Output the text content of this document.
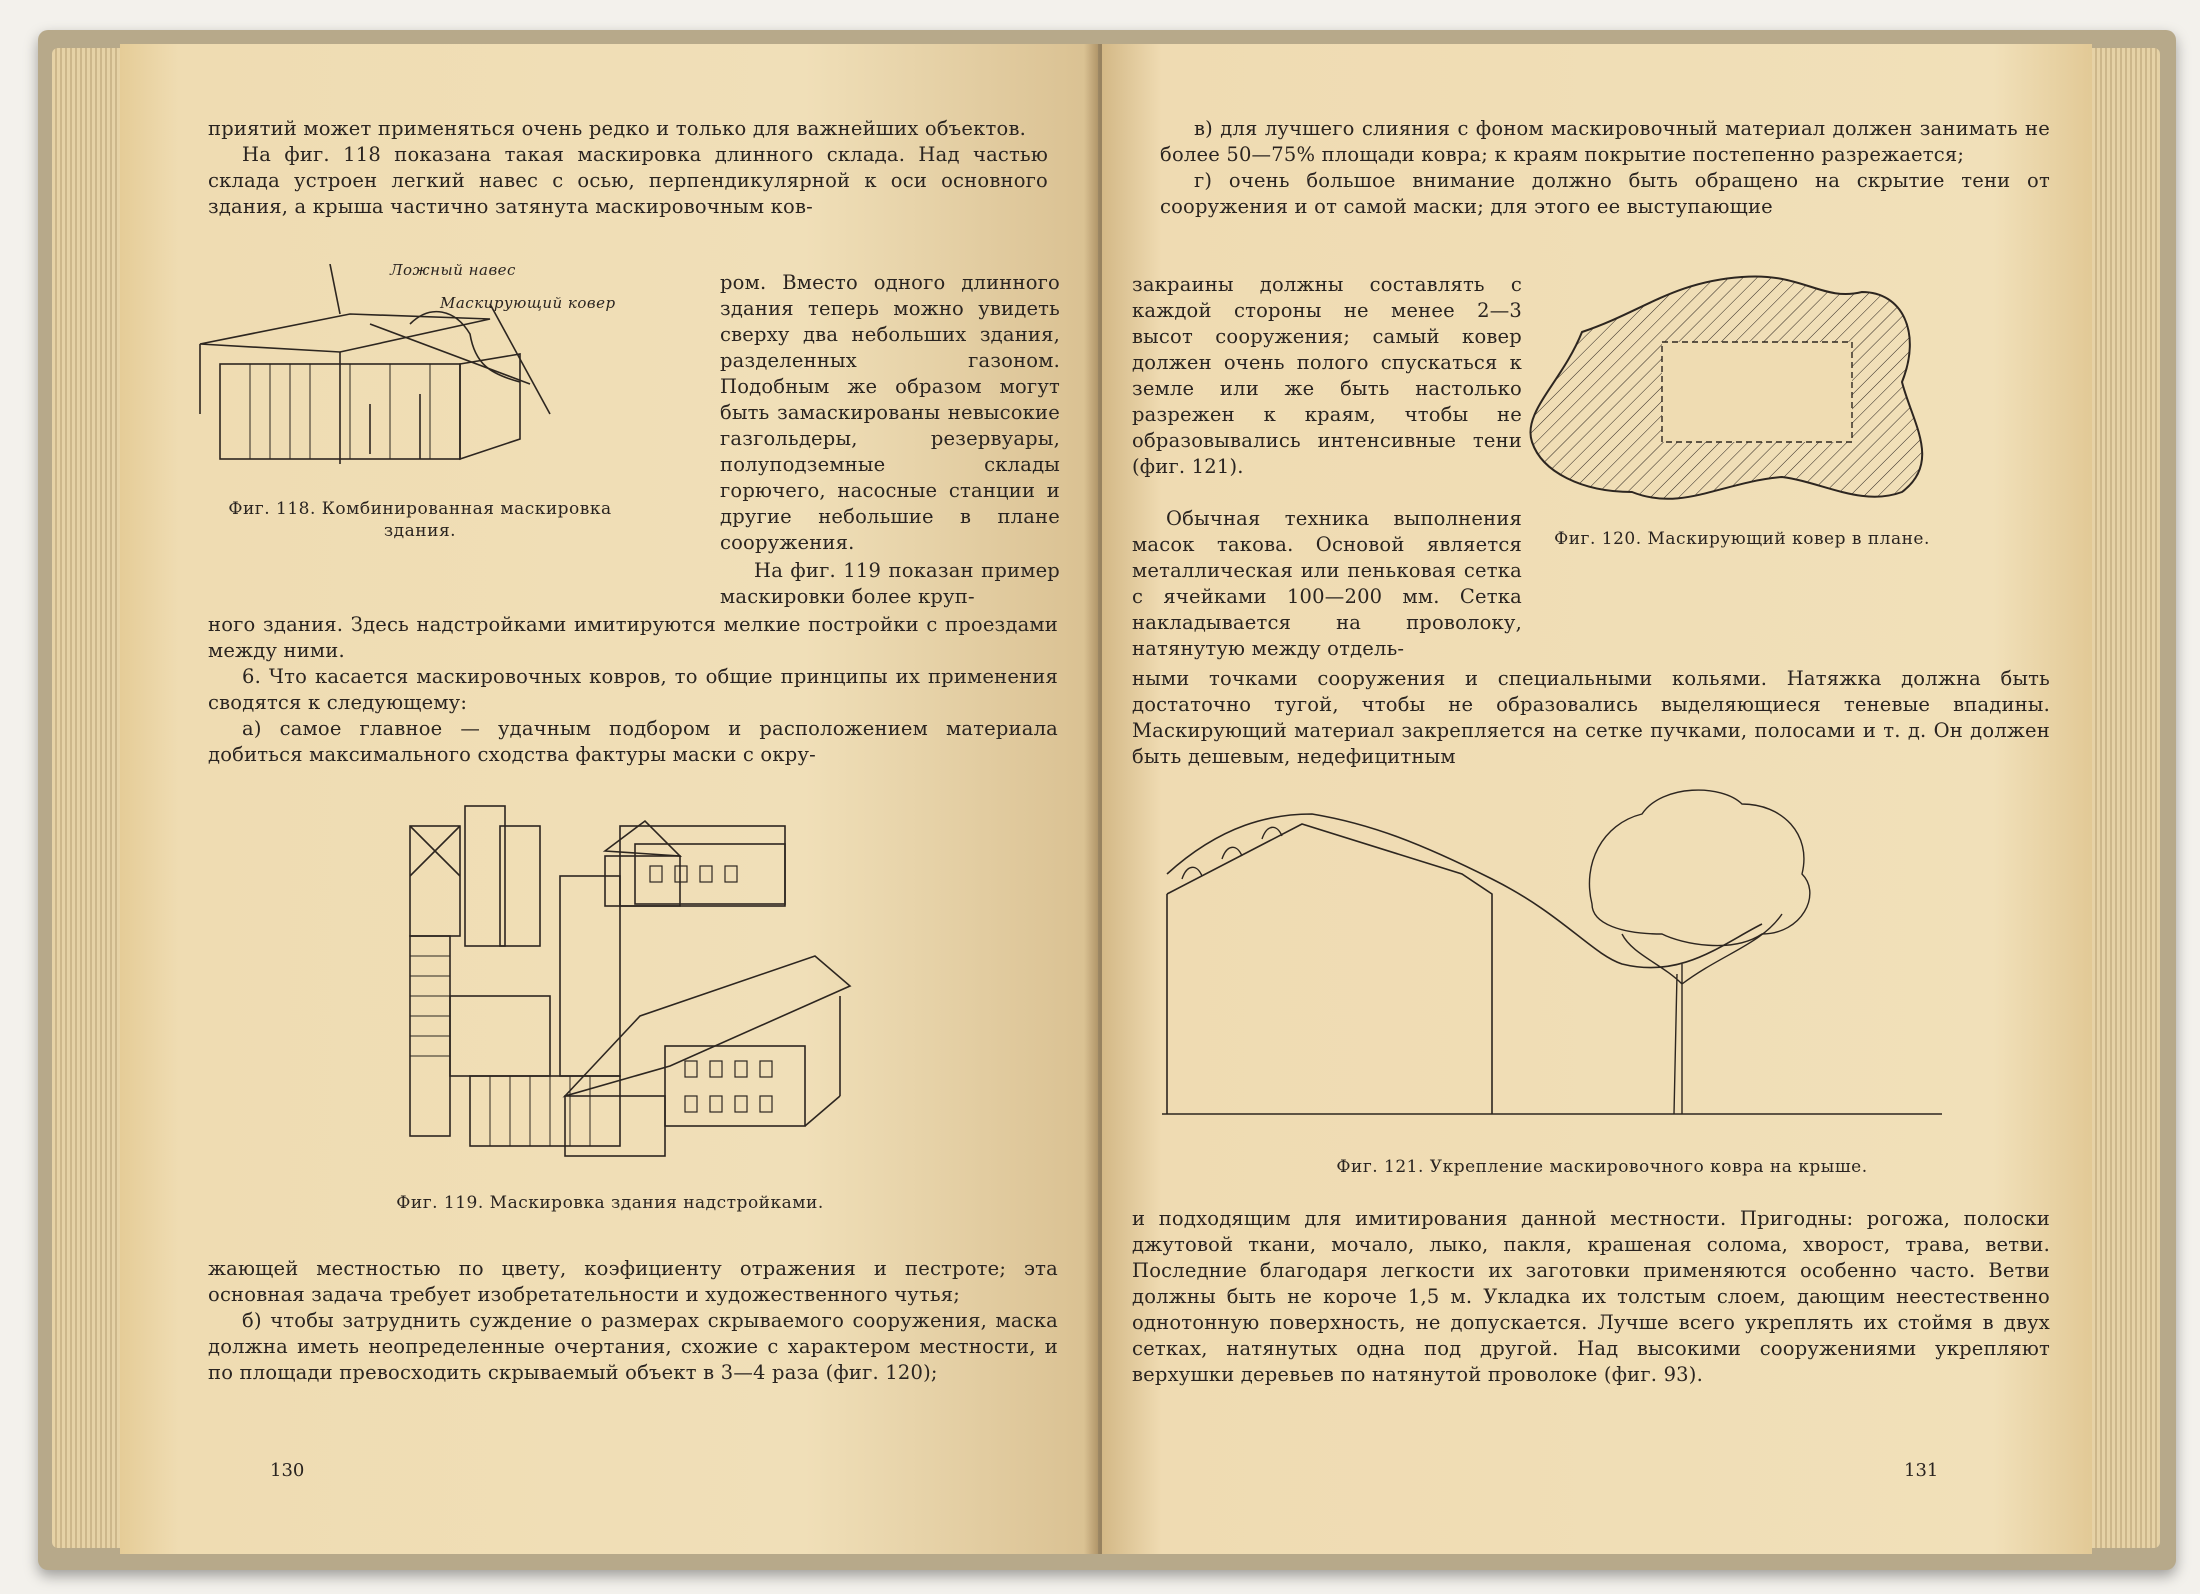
приятий может применяться очень редко и только для важнейших объектов.

На фиг. 118 показана такая маскировка длинного склада. Над частью склада устроен легкий навес с осью, перпендикулярной к оси основного здания, а крыша частично затянута маскировочным ков-

Ложный навес
Маскирующий ковер
ром. Вместо одного длинного здания теперь можно увидеть сверху два небольших здания, разделенных газоном. Подобным же образом могут быть замаскированы невысокие газгольдеры, резервуары, полуподземные склады горючего, насосные станции и другие небольшие в плане сооружения.
Фиг. 118. Комбинированная маскировка здания.
На фиг. 119 показан пример маскировки более круп-

ного здания. Здесь надстройками имитируются мелкие постройки с проездами между ними.

6. Что касается маскировочных ковров, то общие принципы их применения сводятся к следующему:

а) самое главное — удачным подбором и расположением материала добиться максимального сходства фактуры маски с окру-

Фиг. 119. Маскировка здания надстройками.

жающей местностью по цвету, коэфициенту отражения и пестроте; эта основная задача требует изобретательности и художественного чутья;

б) чтобы затруднить суждение о размерах скрываемого сооружения, маска должна иметь неопределенные очертания, схожие с характером местности, и по площади превосходить скрываемый объект в 3—4 раза (фиг. 120);

130

в) для лучшего слияния с фоном маскировочный материал должен занимать не более 50—75% площади ковра; к краям покрытие постепенно разрежается;

г) очень большое внимание должно быть обращено на скрытие тени от сооружения и от самой маски; для этого ее выступающие

закраины должны составлять с каждой стороны не менее 2—3 высот сооружения; самый ковер должен очень полого спускаться к земле или же быть настолько разрежен к краям, чтобы не образовывались интенсивные тени (фиг. 121).
Обычная техника выполнения масок такова. Основой является металлическая или пеньковая сетка с ячейками 100—200 мм. Сетка накладывается на проволоку, натянутую между отдель-
Фиг. 120. Маскирующий ковер в плане.
ными точками сооружения и специальными кольями. Натяжка должна быть достаточно тугой, чтобы не образовались выделяющиеся теневые впадины. Маскирующий материал закрепляется на сетке пучками, полосами и т. д. Он должен быть дешевым, недефицитным
Фиг. 121. Укрепление маскировочного ковра на крыше.
и подходящим для имитирования данной местности. Пригодны: рогожа, полоски джутовой ткани, мочало, лыко, пакля, крашеная солома, хворост, трава, ветви. Последние благодаря легкости их заготовки применяются особенно часто. Ветви должны быть не короче 1,5 м. Укладка их толстым слоем, дающим неестественно однотонную поверхность, не допускается. Лучше всего укреплять их стоймя в двух сетках, натянутых одна под другой. Над высокими сооружениями укрепляют верхушки деревьев по натянутой проволоке (фиг. 93).
131
